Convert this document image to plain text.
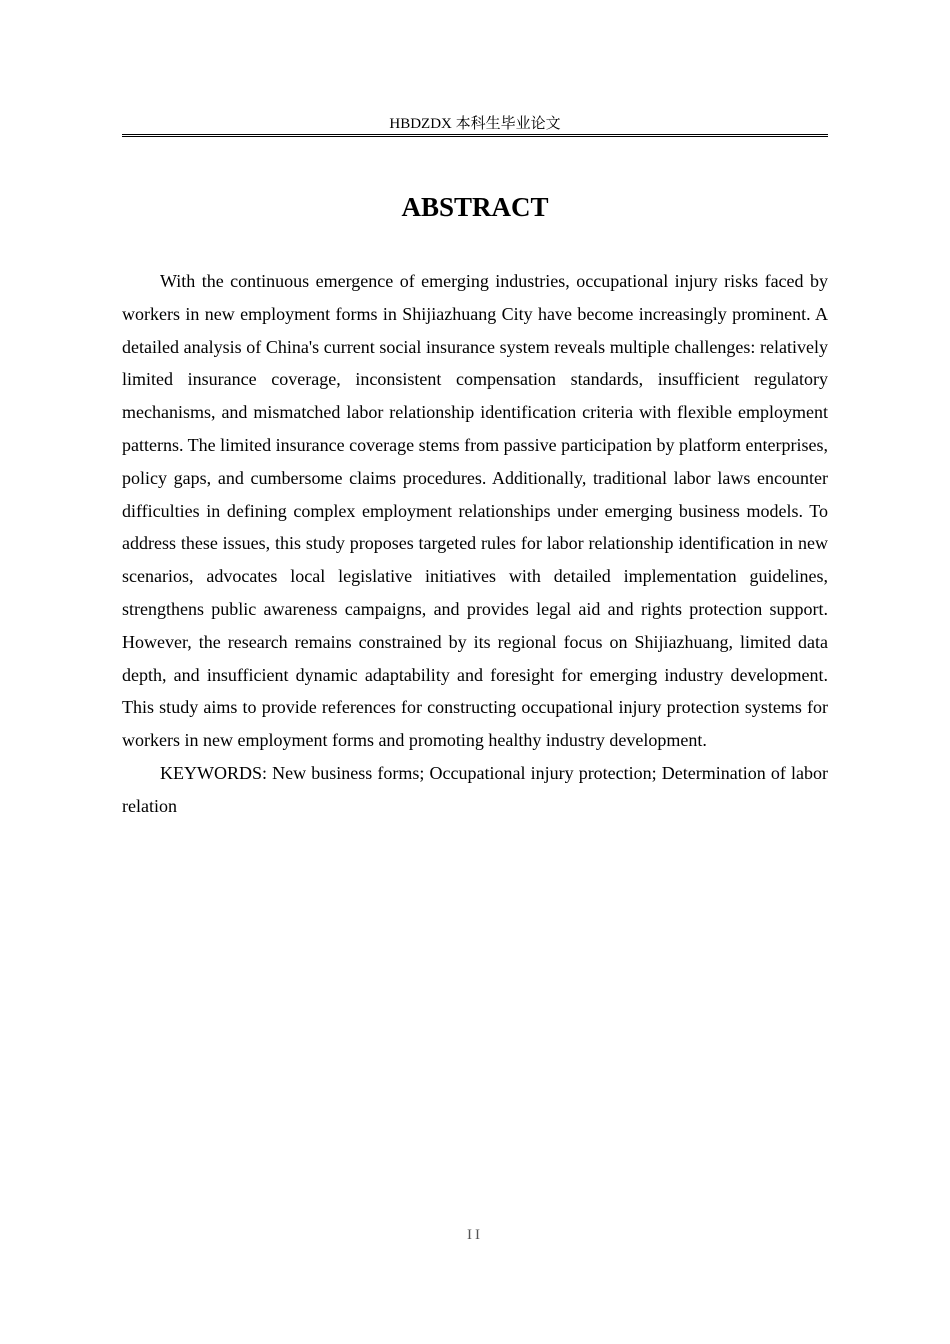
HBDZDX 本科生毕业论文
ABSTRACT

With the continuous emergence of emerging industries, occupational injury risks faced by workers in new employment forms in Shijiazhuang City have become increasingly prominent. A detailed analysis of China's current social insurance system reveals multiple challenges: relatively limited insurance coverage, inconsistent compensation standards, insufficient regulatory mechanisms, and mismatched labor relationship identification criteria with flexible employment patterns. The limited insurance coverage stems from passive participation by platform enterprises, policy gaps, and cumbersome claims procedures. Additionally, traditional labor laws encounter difficulties in defining complex employment relationships under emerging business models. To address these issues, this study proposes targeted rules for labor relationship identification in new scenarios, advocates local legislative initiatives with detailed implementation guidelines, strengthens public awareness campaigns, and provides legal aid and rights protection support. However, the research remains constrained by its regional focus on Shijiazhuang, limited data depth, and insufficient dynamic adaptability and foresight for emerging industry development. This study aims to provide references for constructing occupational injury protection systems for workers in new employment forms and promoting healthy industry development.

KEYWORDS: New business forms; Occupational injury protection; Determination of labor relation

II
